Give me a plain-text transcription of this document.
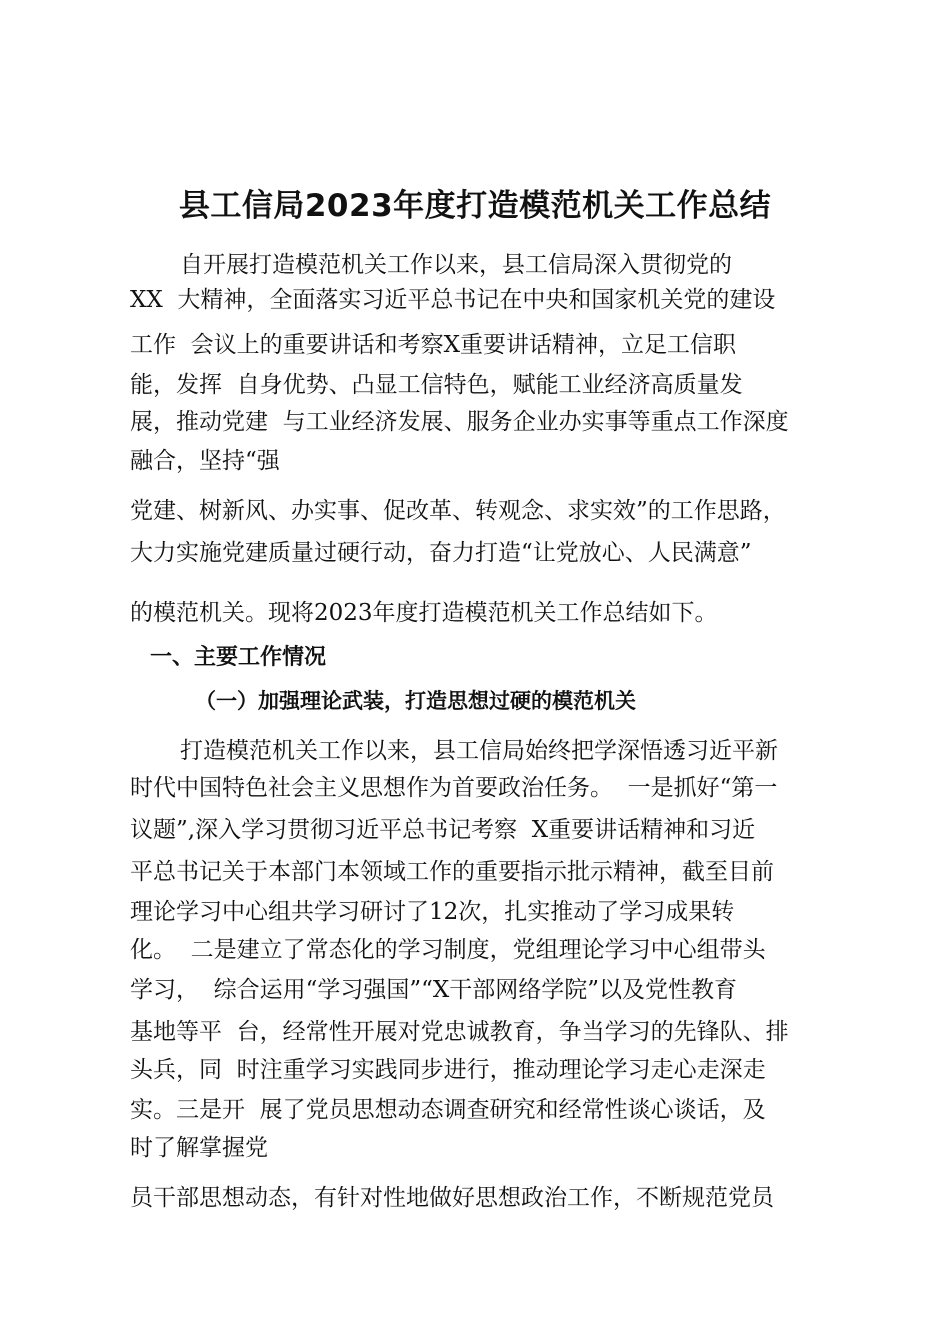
县工信局2023年度打造模范机关工作总结
自开展打造模范机关工作以来，县工信局深入贯彻党的
XX  大精神，全面落实习近平总书记在中央和国家机关党的建设
工作  会议上的重要讲话和考察X重要讲话精神，立足工信职
能，发挥  自身优势、凸显工信特色，赋能工业经济高质量发
展，推动党建  与工业经济发展、服务企业办实事等重点工作深度
融合，坚持“强
党建、树新风、办实事、促改革、转观念、求实效”的工作思路，
大力实施党建质量过硬行动，奋力打造“让党放心、人民满意”
的模范机关。现将2023年度打造模范机关工作总结如下。
一、主要工作情况
（一）加强理论武装，打造思想过硬的模范机关
打造模范机关工作以来，县工信局始终把学深悟透习近平新
时代中国特色社会主义思想作为首要政治任务。  一是抓好“第一
议题”,深入学习贯彻习近平总书记考察  X重要讲话精神和习近
平总书记关于本部门本领域工作的重要指示批示精神，截至目前
理论学习中心组共学习研讨了12次，扎实推动了学习成果转
化。  二是建立了常态化的学习制度，党组理论学习中心组带头
学习，  综合运用“学习强国”“X干部网络学院”以及党性教育
基地等平  台，经常性开展对党忠诚教育，争当学习的先锋队、排
头兵，同  时注重学习实践同步进行，推动理论学习走心走深走
实。三是开  展了党员思想动态调查研究和经常性谈心谈话，及
时了解掌握党
员干部思想动态，有针对性地做好思想政治工作，不断规范党员
